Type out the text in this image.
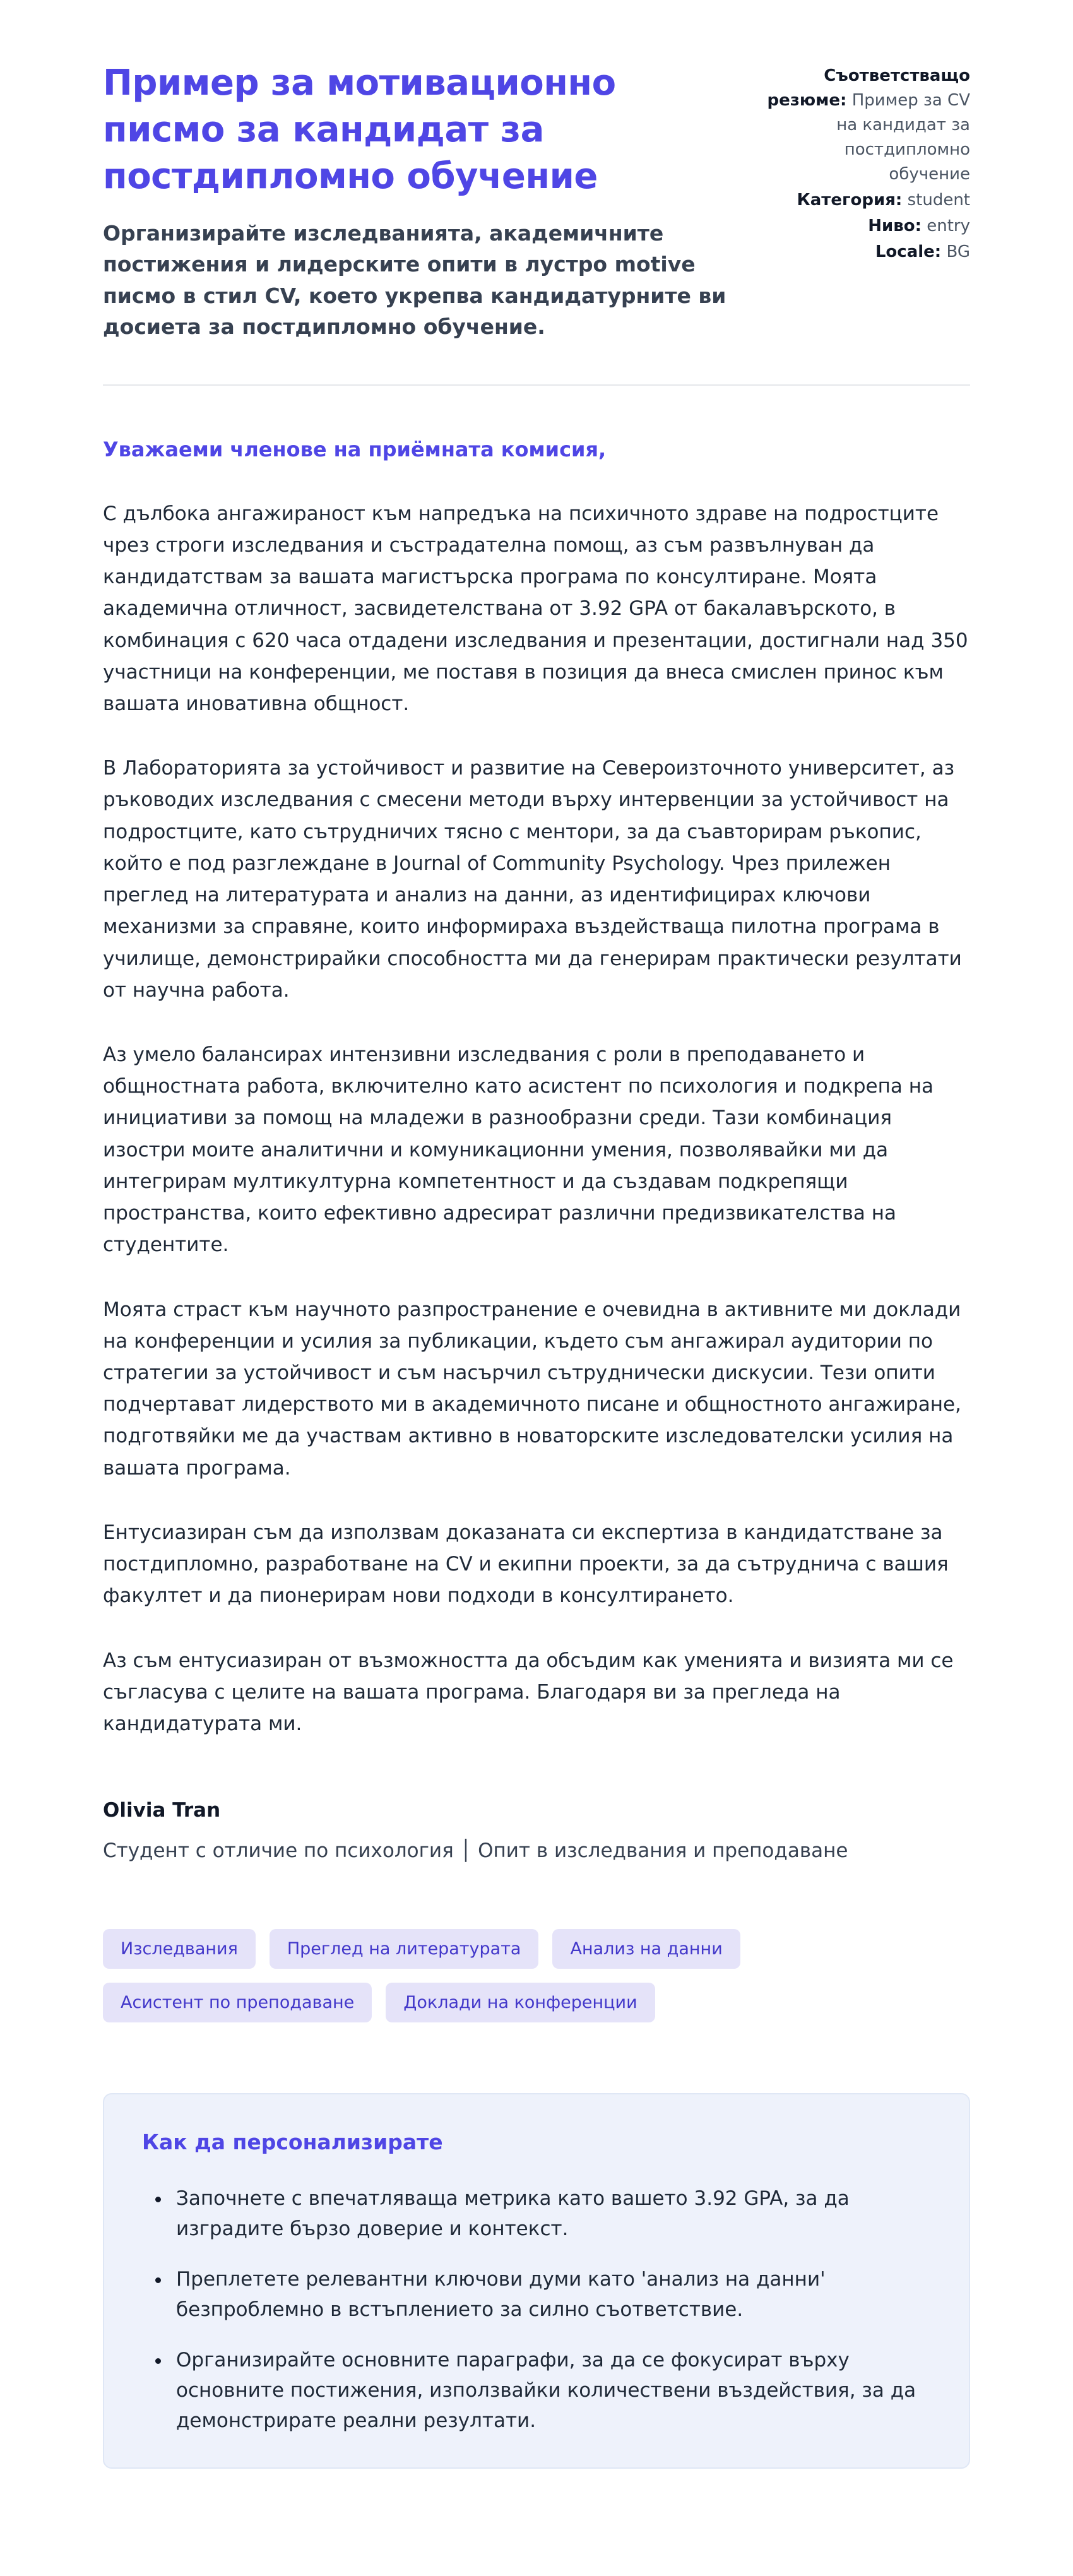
Пример за мотивационно писмо за кандидат за постдипломно обучение

Организирайте изследванията, академичните постижения и лидерските опити в лустро motive писмо в стил CV, което укрепва кандидатурните ви досиета за постдипломно обучение.

Съответстващо резюме: Пример за CV на кандидат за постдипломно обучение
Категория: student
Ниво: entry
Locale: BG

Уважаеми членове на приёмната комисия,

С дълбока ангажираност към напредъка на психичното здраве на подростците чрез строги изследвания и състрадателна помощ, аз съм развълнуван да кандидатствам за вашата магистърска програма по консултиране. Моята академична отличност, засвидетелствана от 3.92 GPA от бакалавърското, в комбинация с 620 часа отдадени изследвания и презентации, достигнали над 350 участници на конференции, ме поставя в позиция да внеса смислен принос към вашата иновативна общност.

В Лабораторията за устойчивост и развитие на Североизточното университет, аз ръководих изследвания с смесени методи върху интервенции за устойчивост на подростците, като сътрудничих тясно с ментори, за да съавторирам ръкопис, който е под разглеждане в Journal of Community Psychology. Чрез прилежен преглед на литературата и анализ на данни, аз идентифицирах ключови механизми за справяне, които информираха въздействаща пилотна програма в училище, демонстрирайки способността ми да генерирам практически резултати от научна работа.

Аз умело балансирах интензивни изследвания с роли в преподаването и общностната работа, включително като асистент по психология и подкрепа на инициативи за помощ на младежи в разнообразни среди. Тази комбинация изостри моите аналитични и комуникационни умения, позволявайки ми да интегрирам мултикултурна компетентност и да създавам подкрепящи пространства, които ефективно адресират различни предизвикателства на студентите.

Моята страст към научното разпространение е очевидна в активните ми доклади на конференции и усилия за публикации, където съм ангажирал аудитории по стратегии за устойчивост и съм насърчил сътруднически дискусии. Тези опити подчертават лидерството ми в академичното писане и общностното ангажиране, подготвяйки ме да участвам активно в новаторските изследователски усилия на вашата програма.

Ентусиазиран съм да използвам доказаната си експертиза в кандидатстване за постдипломно, разработване на CV и екипни проекти, за да сътруднича с вашия факултет и да пионерирам нови подходи в консултирането.

Аз съм ентусиазиран от възможността да обсъдим как уменията и визията ми се съгласува с целите на вашата програма. Благодаря ви за прегледа на кандидатурата ми.

Olivia Tran

Студент с отличие по психология │ Опит в изследвания и преподаване

Изследвания	Преглед на литературата	Анализ на данни
Асистент по преподаване	Доклади на конференции
Как да персонализирате
• Започнете с впечатляваща метрика като вашето 3.92 GPA, за да изградите бързо доверие и контекст.
• Преплетете релевантни ключови думи като 'анализ на данни' безпроблемно в встъплението за силно съответствие.
• Организирайте основните параграфи, за да се фокусират върху основните постижения, използвайки количествени въздействия, за да демонстрирате реални резултати.
